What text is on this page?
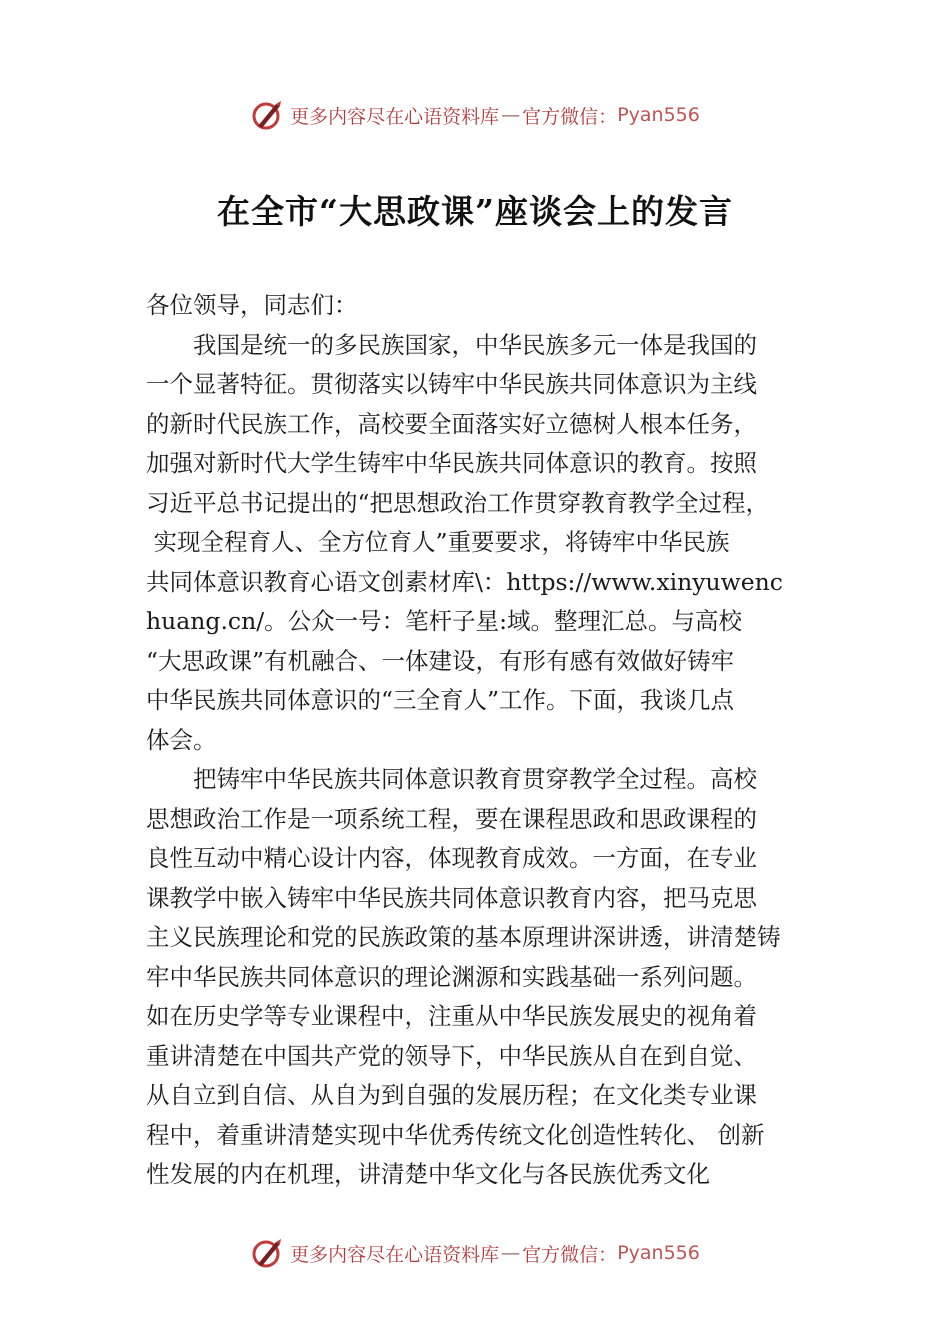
更多内容尽在心语资料库 — 官方微信： Pyan556
在全市“大思政课”座谈会上的发言

各位领导，同志们：

我国是统一的多民族国家，中华民族多元一体是我国的
一个显著特征。贯彻落实以铸牢中华民族共同体意识为主线
的新时代民族工作，高校要全面落实好立德树人根本任务，
加强对新时代大学生铸牢中华民族共同体意识的教育。按照
习近平总书记提出的“把思想政治工作贯穿教育教学全过程，
实现全程育人、全方位育人”重要要求，将铸牢中华民族
共同体意识教育心语文创素材库\：https://www.xinyuwenc
huang.cn/。公众一号：笔杆子星:域。整理汇总。与高校
“大思政课”有机融合、一体建设，有形有感有效做好铸牢
中华民族共同体意识的“三全育人”工作。下面，我谈几点
体会。

把铸牢中华民族共同体意识教育贯穿教学全过程。高校
思想政治工作是一项系统工程，要在课程思政和思政课程的
良性互动中精心设计内容，体现教育成效。一方面，在专业
课教学中嵌入铸牢中华民族共同体意识教育内容，把马克思
主义民族理论和党的民族政策的基本原理讲深讲透，讲清楚铸
牢中华民族共同体意识的理论渊源和实践基础一系列问题。
如在历史学等专业课程中，注重从中华民族发展史的视角着
重讲清楚在中国共产党的领导下，中华民族从自在到自觉、
从自立到自信、从自为到自强的发展历程；在文化类专业课
程中，着重讲清楚实现中华优秀传统文化创造性转化、 创新
性发展的内在机理，讲清楚中华文化与各民族优秀文化

更多内容尽在心语资料库 — 官方微信： Pyan556
